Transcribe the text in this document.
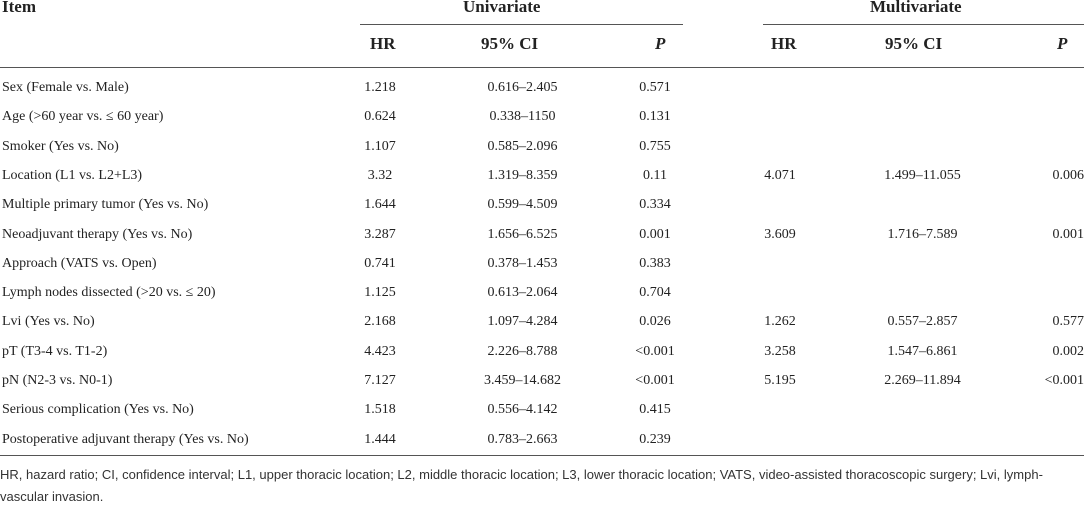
Item	Univariate	Multivariate
HR	95% CI	P	HR	95% CI	P
Sex (Female vs. Male)	1.218	0.616–2.405	0.571
Age (>60 year vs. ≤ 60 year)	0.624	0.338–1150	0.131
Smoker (Yes vs. No)	1.107	0.585–2.096	0.755
Location (L1 vs. L2+L3)	3.32	1.319–8.359	0.11	4.071	1.499–11.055	0.006
Multiple primary tumor (Yes vs. No)	1.644	0.599–4.509	0.334
Neoadjuvant therapy (Yes vs. No)	3.287	1.656–6.525	0.001	3.609	1.716–7.589	0.001
Approach (VATS vs. Open)	0.741	0.378–1.453	0.383
Lymph nodes dissected (>20 vs. ≤ 20)	1.125	0.613–2.064	0.704
Lvi (Yes vs. No)	2.168	1.097–4.284	0.026	1.262	0.557–2.857	0.577
pT (T3-4 vs. T1-2)	4.423	2.226–8.788	<0.001	3.258	1.547–6.861	0.002
pN (N2-3 vs. N0-1)	7.127	3.459–14.682	<0.001	5.195	2.269–11.894	<0.001
Serious complication (Yes vs. No)	1.518	0.556–4.142	0.415
Postoperative adjuvant therapy (Yes vs. No)	1.444	0.783–2.663	0.239
HR, hazard ratio; CI, confidence interval; L1, upper thoracic location; L2, middle thoracic location; L3, lower thoracic location; VATS, video-assisted thoracoscopic surgery; Lvi, lymph-vascular invasion.
